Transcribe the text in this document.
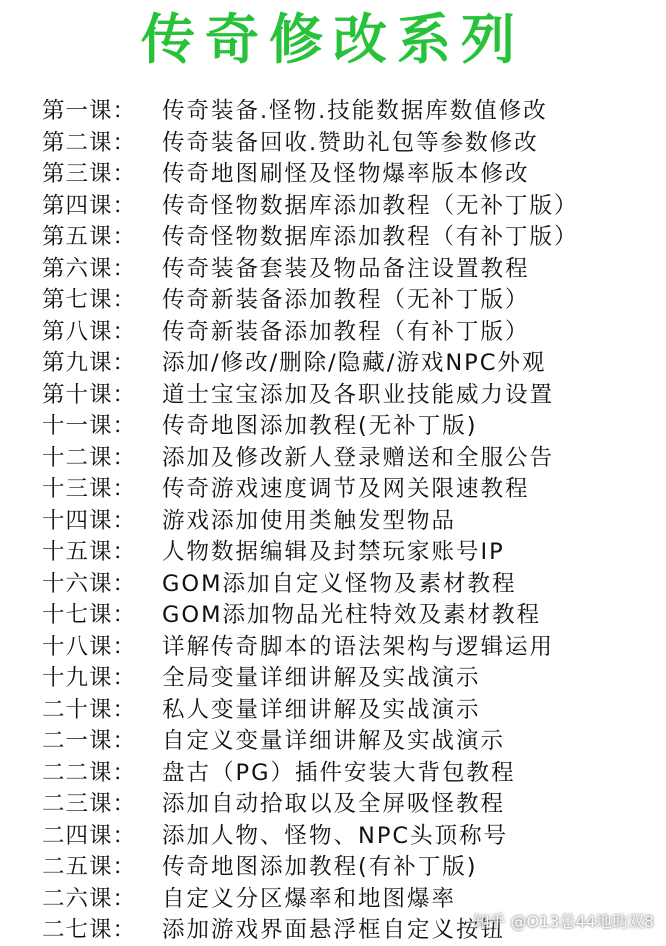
传奇修改系列
第一课： 传奇装备.怪物.技能数据库数值修改
第二课： 传奇装备回收.赞助礼包等参数修改
第三课： 传奇地图刷怪及怪物爆率版本修改
第四课： 传奇怪物数据库添加教程（无补丁版）
第五课： 传奇怪物数据库添加教程（有补丁版）
第六课： 传奇装备套装及物品备注设置教程
第七课： 传奇新装备添加教程（无补丁版）
第八课： 传奇新装备添加教程（有补丁版）
第九课： 添加/修改/删除/隐藏/游戏NPC外观
第十课： 道士宝宝添加及各职业技能威力设置
十一课： 传奇地图添加教程(无补丁版)
十二课： 添加及修改新人登录赠送和全服公告
十三课： 传奇游戏速度调节及网关限速教程
十四课： 游戏添加使用类触发型物品
十五课： 人物数据编辑及封禁玩家账号IP
十六课： GOM添加自定义怪物及素材教程
十七课： GOM添加物品光柱特效及素材教程
十八课： 详解传奇脚本的语法架构与逻辑运用
十九课： 全局变量详细讲解及实战演示
二十课： 私人变量详细讲解及实战演示
二一课： 自定义变量详细讲解及实战演示
二二课： 盘古（PG）插件安装大背包教程
二三课： 添加自动拾取以及全屏吸怪教程
二四课： 添加人物、怪物、NPC头顶称号
二五课： 传奇地图添加教程(有补丁版)
二六课： 自定义分区爆率和地图爆率
二七课： 添加游戏界面悬浮框自定义按钮
知乎 @O13总44地助双8
